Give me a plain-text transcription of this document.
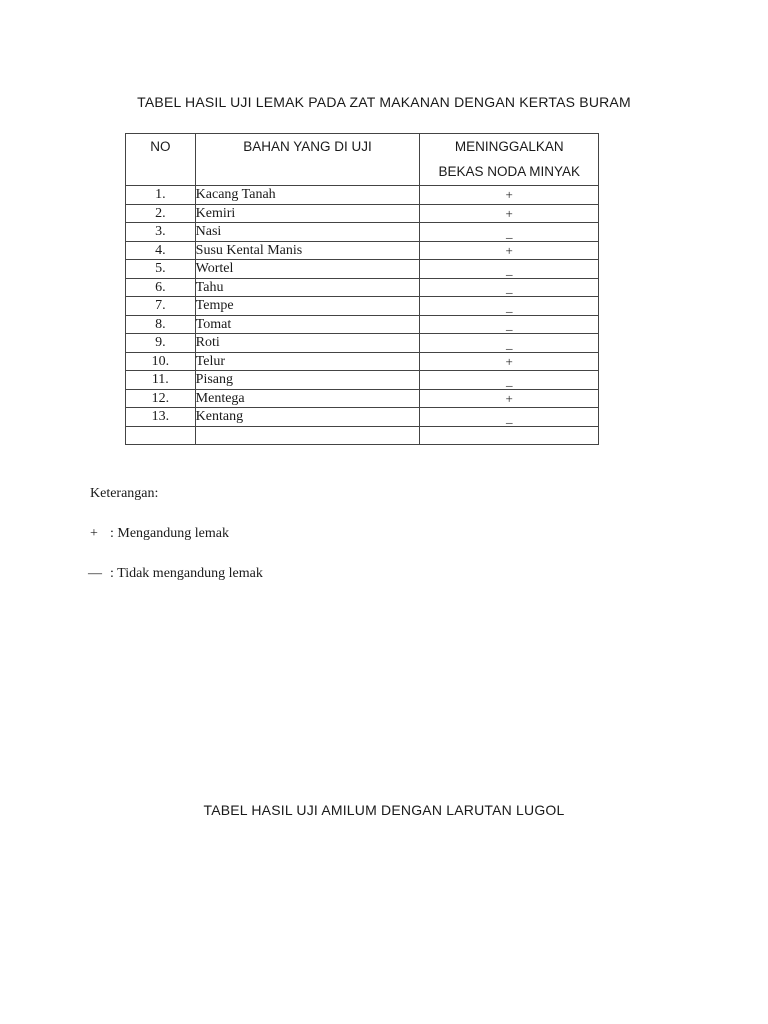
TABEL HASIL UJI LEMAK PADA ZAT MAKANAN DENGAN KERTAS BURAM
NO	BAHAN YANG DI UJI	MENINGGALKAN
BEKAS NODA MINYAK
1.	Kacang Tanah	+
2.	Kemiri	+
3.	Nasi	_
4.	Susu Kental Manis	+
5.	Wortel	_
6.	Tahu	_
7.	Tempe	_
8.	Tomat	_
9.	Roti	_
10.	Telur	+
11.	Pisang	_
12.	Mentega	+
13.	Kentang	_

Keterangan:
+ : Mengandung lemak
— : Tidak mengandung lemak
TABEL HASIL UJI AMILUM DENGAN LARUTAN LUGOL
